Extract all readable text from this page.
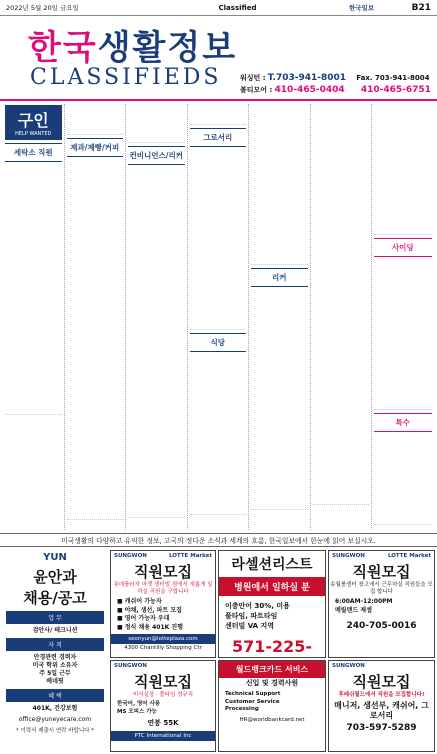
2022년 5월 20일 금요일	Classified	한국일보	B21
한국생활정보
CLASSIFIEDS	워싱턴 : T.703-941-8001 Fax. 703-941-8004
볼티모어 : 410-465-0404 410-465-6751
구인
HELP WANTED
세탁소 직원
제과/제빵/커피
컨비니언스/리커
그로서리
식당
리커
사이딩
특수
미국생활의 다양하고 유익한 정보, 고국의 정다운 소식과 세계의 흐름, 한국일보에서 한눈에 읽어 보십시오.
YUN
윤안과
채용/공고
업 무
검안사/ 테크니션
자 격
안경관련 경력자
미국 학위 소유자
주 5일 근무
베네핏
혜 택
401K, 건강보험
office@yuneyecare.com
* 이력서 제출시 연락 바랍니다 *
SUNGWON	LOTTE Market
직원모집
롯데플라자 마켓 센터빌 점에서 새롭게 일하실 직원을 구합니다
■ 캐쉬어 가능자
■ 야채, 생선, 파트 모집
■ 영어 가능자 우대
■ 정식 채용 401K 진행
seonyun@lotteplaza.com
4300 Chantilly Shopping Ctr
라셀션리스트
병원에서 일하실 분
이충안어 30%, 미용
풀타임, 파트타임
센터빌 VA 지역
571-225-
SUNGWON	LOTTE Market
직원모집
송월롤센터 창고에서 근무하실 직원들을 모집 합니다
6:00AM-12:00PM
메릴랜드 제셉
240-705-0016
SUNGWON
직원모집
비서실장 · 풀타임 정규직
한국어, 영어 사용
MS 오피스 가능
연봉 55K
PTC International Inc
월드뱅크카드 서비스
신입 및 경력사원
Technical Support
Customer Service
Processing
HR@worldbankcard.net
SUNGWON
직원모집
후레쉬월드에서 직원을 모집합니다!
매니저, 생선부, 캐쉬어, 그로서리
703-597-5289
